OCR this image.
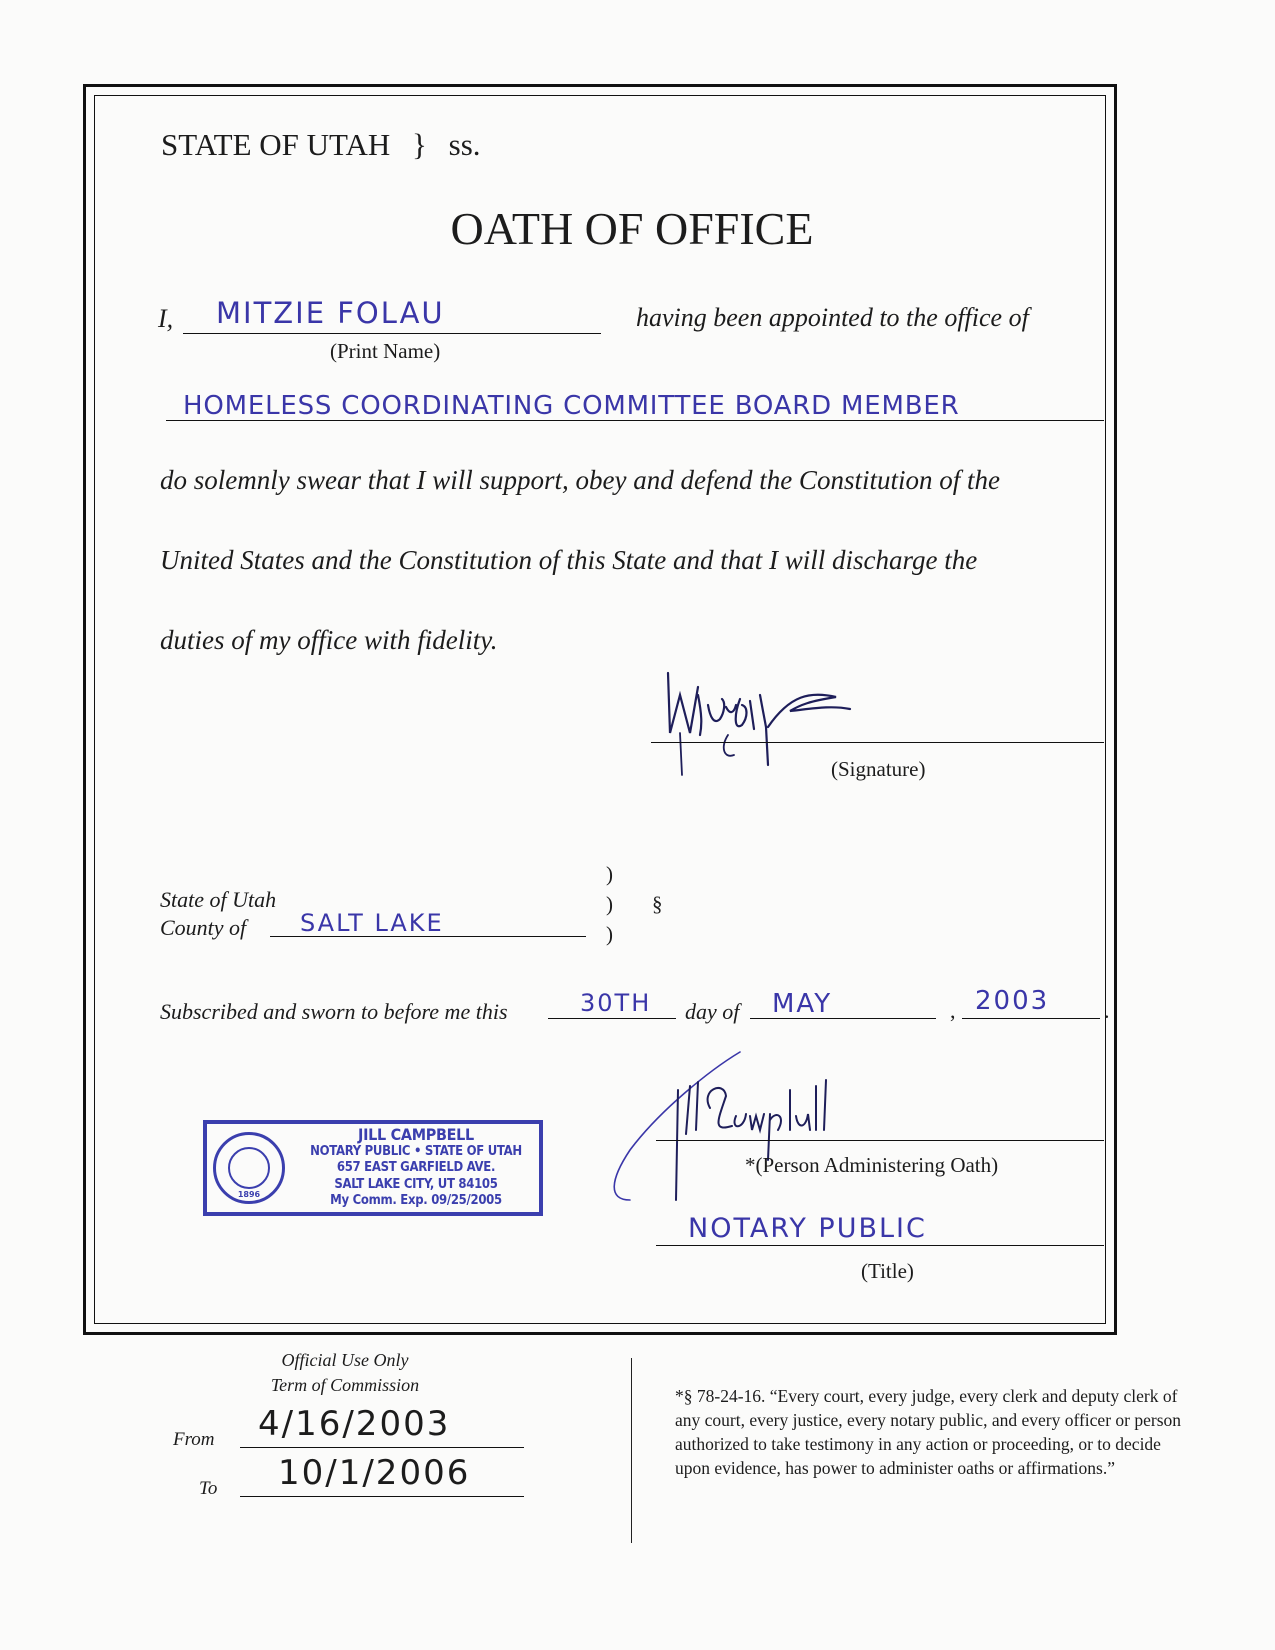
STATE OF UTAH } ss.
OATH OF OFFICE
I, MITZIE FOLAU
(Print Name)
having been appointed to the office of
HOMELESS COORDINATING COMMITTEE BOARD MEMBER
do solemnly swear that I will support, obey and defend the Constitution of the
United States and the Constitution of this State and that I will discharge the
duties of my office with fidelity.
(Signature)
State of Utah
County of SALT LAKE
)
)
)
§
Subscribed and sworn to before me this	30TH day of MAY	, 2003 .
1896
JILL CAMPBELL
NOTARY PUBLIC • STATE OF UTAH
657 EAST GARFIELD AVE.
SALT LAKE CITY, UT 84105
My Comm. Exp. 09/25/2005
*(Person Administering Oath)
NOTARY PUBLIC
(Title)
Official Use Only
Term of Commission
From 4/16/2003
To 10/1/2006
*§ 78-24-16. “Every court, every judge, every clerk and deputy clerk of any court, every justice, every notary public, and every officer or person authorized to take testimony in any action or proceeding, or to decide upon evidence, has power to administer oaths or affirmations.”
